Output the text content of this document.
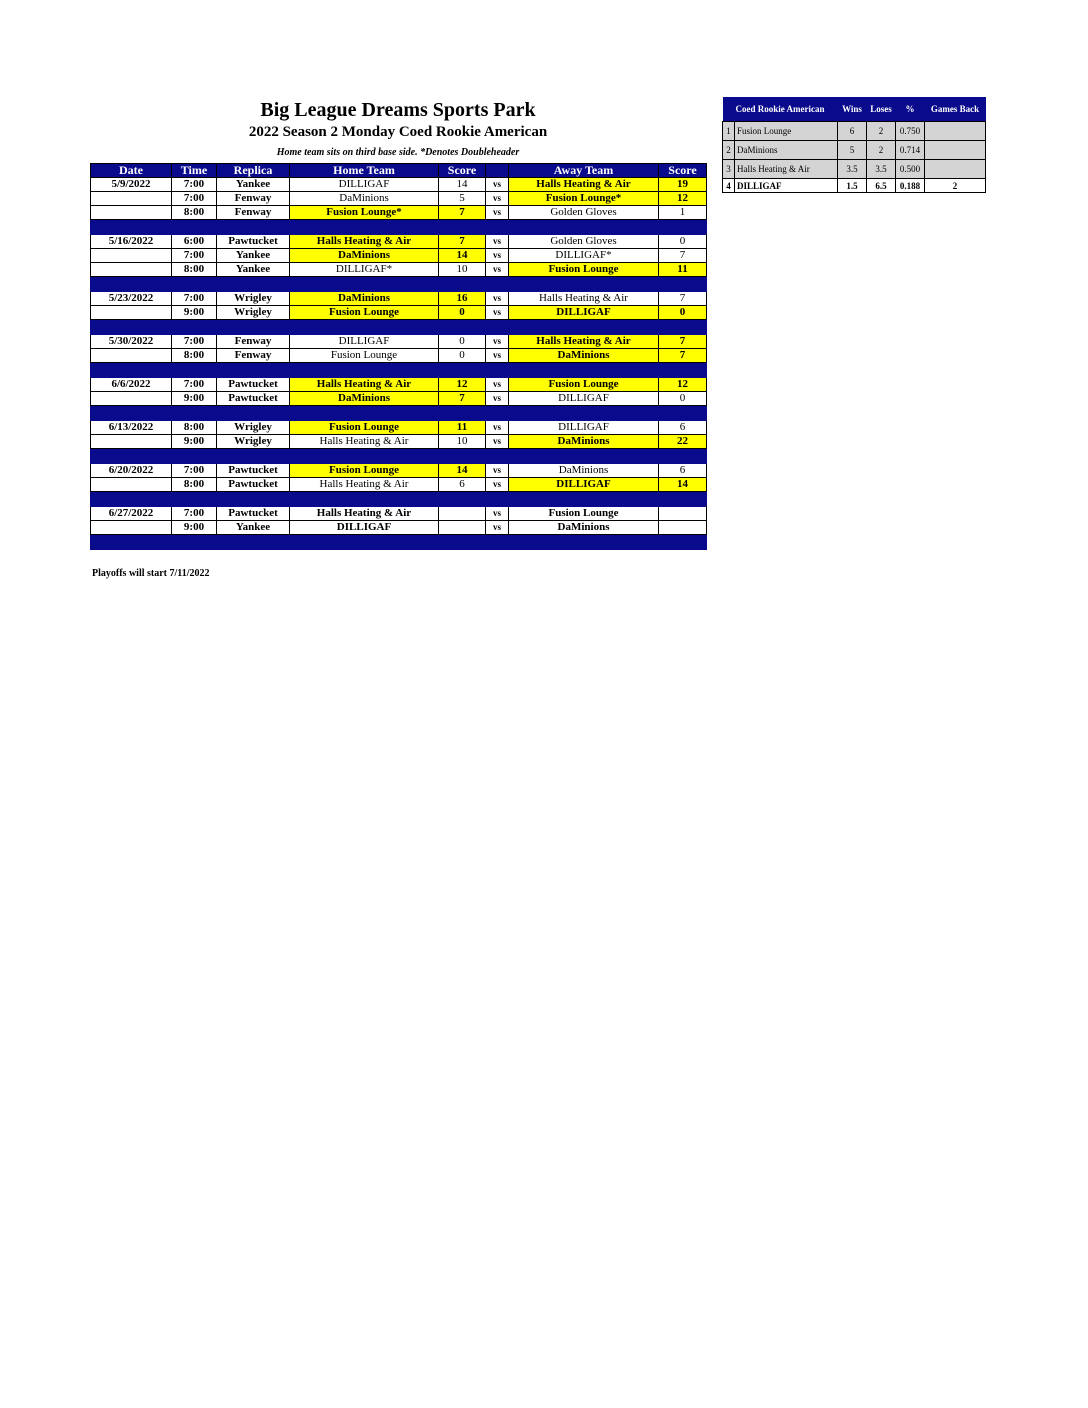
Big League Dreams Sports Park
2022 Season 2 Monday Coed Rookie American
Home team sits on third base side. *Denotes Doubleheader
Date	Time	Replica	Home Team	Score		Away Team	Score
5/9/2022	7:00	Yankee	DILLIGAF	14	vs	Halls Heating & Air	19
	7:00	Fenway	DaMinions	5	vs	Fusion Lounge*	12
	8:00	Fenway	Fusion Lounge*	7	vs	Golden Gloves	1

5/16/2022	6:00	Pawtucket	Halls Heating & Air	7	vs	Golden Gloves	0
	7:00	Yankee	DaMinions	14	vs	DILLIGAF*	7
	8:00	Yankee	DILLIGAF*	10	vs	Fusion Lounge	11

5/23/2022	7:00	Wrigley	DaMinions	16	vs	Halls Heating & Air	7
	9:00	Wrigley	Fusion Lounge	0	vs	DILLIGAF	0

5/30/2022	7:00	Fenway	DILLIGAF	0	vs	Halls Heating & Air	7
	8:00	Fenway	Fusion Lounge	0	vs	DaMinions	7

6/6/2022	7:00	Pawtucket	Halls Heating & Air	12	vs	Fusion Lounge	12
	9:00	Pawtucket	DaMinions	7	vs	DILLIGAF	0

6/13/2022	8:00	Wrigley	Fusion Lounge	11	vs	DILLIGAF	6
	9:00	Wrigley	Halls Heating & Air	10	vs	DaMinions	22

6/20/2022	7:00	Pawtucket	Fusion Lounge	14	vs	DaMinions	6
	8:00	Pawtucket	Halls Heating & Air	6	vs	DILLIGAF	14

6/27/2022	7:00	Pawtucket	Halls Heating & Air		vs	Fusion Lounge	
	9:00	Yankee	DILLIGAF		vs	DaMinions	

Playoffs will start 7/11/2022
Coed Rookie American		Wins	Loses	%	Games Back
1	Fusion Lounge	6	2	0.750	
2	DaMinions	5	2	0.714	
3	Halls Heating & Air	3.5	3.5	0.500	
4	DILLIGAF	1.5	6.5	0.188	2
